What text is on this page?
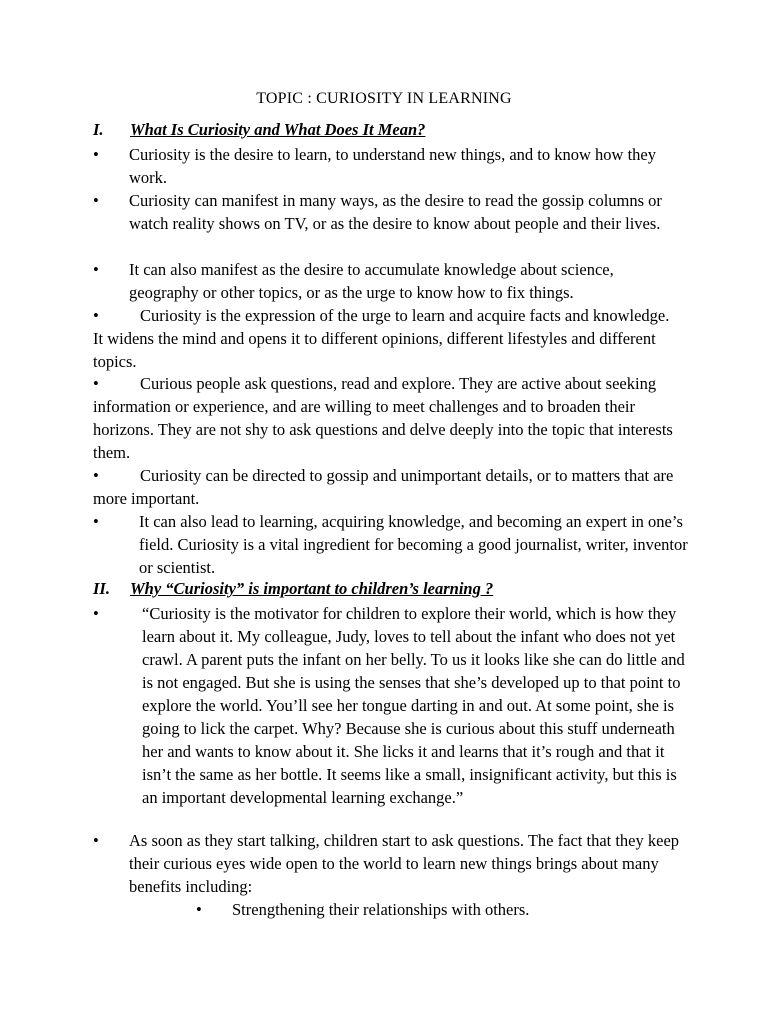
TOPIC : CURIOSITY IN LEARNING
I. What Is Curiosity and What Does It Mean?
• Curiosity is the desire to learn, to understand new things, and to know how they work.
• Curiosity can manifest in many ways, as the desire to read the gossip columns or watch reality shows on TV, or as the desire to know about people and their lives.
• It can also manifest as the desire to accumulate knowledge about science, geography or other topics, or as the urge to know how to fix things.
•	Curiosity is the expression of the urge to learn and acquire facts and knowledge. It widens the mind and opens it to different opinions, different lifestyles and different topics.
•	Curious people ask questions, read and explore. They are active about seeking information or experience, and are willing to meet challenges and to broaden their horizons. They are not shy to ask questions and delve deeply into the topic that interests them.
•	Curiosity can be directed to gossip and unimportant details, or to matters that are more important.
• It can also lead to learning, acquiring knowledge, and becoming an expert in one’s field. Curiosity is a vital ingredient for becoming a good journalist, writer, inventor or scientist.
II. Why “Curiosity” is important to children’s learning ?
•	“Curiosity is the motivator for children to explore their world, which is how they learn about it. My colleague, Judy, loves to tell about the infant who does not yet crawl. A parent puts the infant on her belly. To us it looks like she can do little and is not engaged. But she is using the senses that she’s developed up to that point to explore the world. You’ll see her tongue darting in and out. At some point, she is going to lick the carpet. Why? Because she is curious about this stuff underneath her and wants to know about it. She licks it and learns that it’s rough and that it isn’t the same as her bottle. It seems like a small, insignificant activity, but this is an important developmental learning exchange.”
• As soon as they start talking, children start to ask questions. The fact that they keep their curious eyes wide open to the world to learn new things brings about many benefits including:
• Strengthening their relationships with others.
